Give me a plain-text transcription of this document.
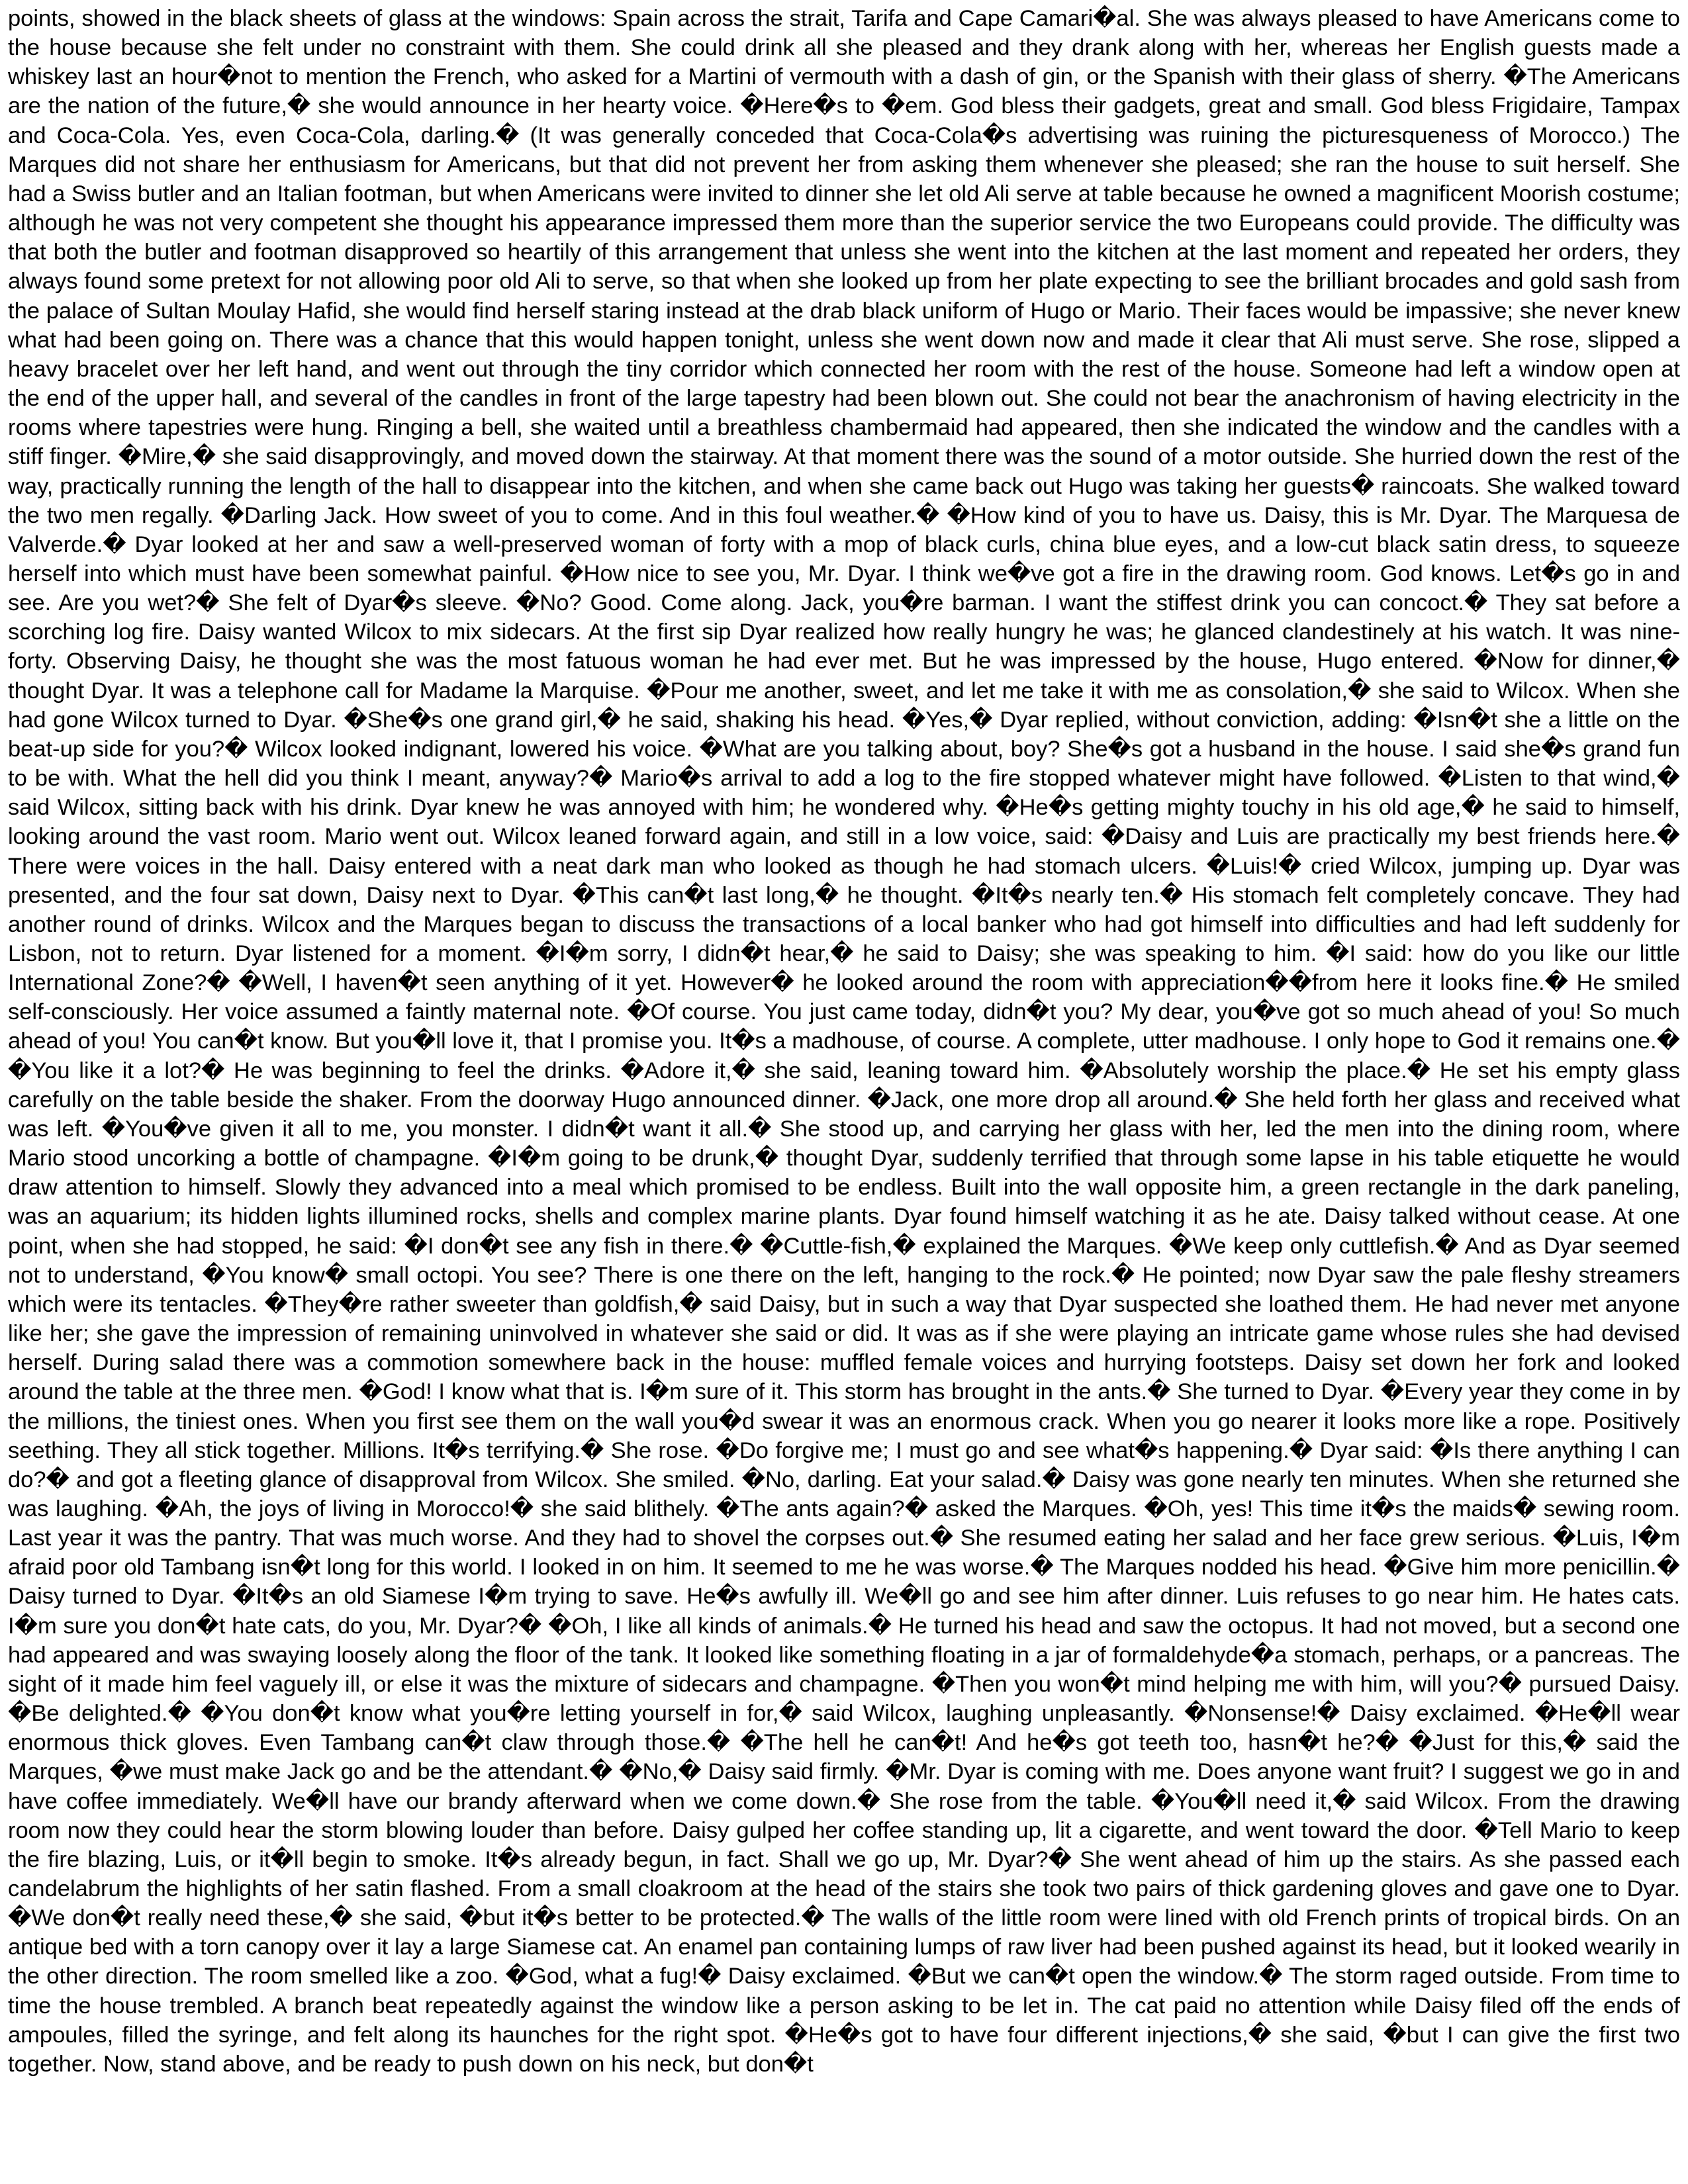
points, showed in the black sheets of glass at the windows: Spain across the strait, Tarifa and Cape Camari�al. She was always pleased to have Americans come to the house because she felt under no constraint with them. She could drink all she pleased and they drank along with her, whereas her English guests made a whiskey last an hour�not to mention the French, who asked for a Martini of vermouth with a dash of gin, or the Spanish with their glass of sherry. �The Americans are the nation of the future,� she would announce in her hearty voice. �Here�s to �em. God bless their gadgets, great and small. God bless Frigidaire, Tampax and Coca-Cola. Yes, even Coca-Cola, darling.� (It was generally conceded that Coca-Cola�s advertising was ruining the picturesqueness of Morocco.) The Marques did not share her enthusiasm for Americans, but that did not prevent her from asking them whenever she pleased; she ran the house to suit herself. She had a Swiss butler and an Italian footman, but when Americans were invited to dinner she let old Ali serve at table because he owned a magnificent Moorish costume; although he was not very competent she thought his appearance impressed them more than the superior service the two Europeans could provide. The difficulty was that both the butler and footman disapproved so heartily of this arrangement that unless she went into the kitchen at the last moment and repeated her orders, they always found some pretext for not allowing poor old Ali to serve, so that when she looked up from her plate expecting to see the brilliant brocades and gold sash from the palace of Sultan Moulay Hafid, she would find herself staring instead at the drab black uniform of Hugo or Mario. Their faces would be impassive; she never knew what had been going on. There was a chance that this would happen tonight, unless she went down now and made it clear that Ali must serve. She rose, slipped a heavy bracelet over her left hand, and went out through the tiny corridor which connected her room with the rest of the house. Someone had left a window open at the end of the upper hall, and several of the candles in front of the large tapestry had been blown out. She could not bear the anachronism of having electricity in the rooms where tapestries were hung. Ringing a bell, she waited until a breathless chambermaid had appeared, then she indicated the window and the candles with a stiff finger. �Mire,� she said disapprovingly, and moved down the stairway. At that moment there was the sound of a motor outside. She hurried down the rest of the way, practically running the length of the hall to disappear into the kitchen, and when she came back out Hugo was taking her guests� raincoats. She walked toward the two men regally. �Darling Jack. How sweet of you to come. And in this foul weather.� �How kind of you to have us. Daisy, this is Mr. Dyar. The Marquesa de Valverde.� Dyar looked at her and saw a well-preserved woman of forty with a mop of black curls, china blue eyes, and a low-cut black satin dress, to squeeze herself into which must have been somewhat painful. �How nice to see you, Mr. Dyar. I think we�ve got a fire in the drawing room. God knows. Let�s go in and see. Are you wet?� She felt of Dyar�s sleeve. �No? Good. Come along. Jack, you�re barman. I want the stiffest drink you can concoct.� They sat before a scorching log fire. Daisy wanted Wilcox to mix sidecars. At the first sip Dyar realized how really hungry he was; he glanced clandestinely at his watch. It was nine-forty. Observing Daisy, he thought she was the most fatuous woman he had ever met. But he was impressed by the house, Hugo entered. �Now for dinner,� thought Dyar. It was a telephone call for Madame la Marquise. �Pour me another, sweet, and let me take it with me as consolation,� she said to Wilcox. When she had gone Wilcox turned to Dyar. �She�s one grand girl,� he said, shaking his head. �Yes,� Dyar replied, without conviction, adding: �Isn�t she a little on the beat-up side for you?� Wilcox looked indignant, lowered his voice. �What are you talking about, boy? She�s got a husband in the house. I said she�s grand fun to be with. What the hell did you think I meant, anyway?� Mario�s arrival to add a log to the fire stopped whatever might have followed. �Listen to that wind,� said Wilcox, sitting back with his drink. Dyar knew he was annoyed with him; he wondered why. �He�s getting mighty touchy in his old age,� he said to himself, looking around the vast room. Mario went out. Wilcox leaned forward again, and still in a low voice, said: �Daisy and Luis are practically my best friends here.� There were voices in the hall. Daisy entered with a neat dark man who looked as though he had stomach ulcers. �Luis!� cried Wilcox, jumping up. Dyar was presented, and the four sat down, Daisy next to Dyar. �This can�t last long,� he thought. �It�s nearly ten.� His stomach felt completely concave. They had another round of drinks. Wilcox and the Marques began to discuss the transactions of a local banker who had got himself into difficulties and had left suddenly for Lisbon, not to return. Dyar listened for a moment. �I�m sorry, I didn�t hear,� he said to Daisy; she was speaking to him. �I said: how do you like our little International Zone?� �Well, I haven�t seen anything of it yet. However� he looked around the room with appreciation��from here it looks fine.� He smiled self-consciously. Her voice assumed a faintly maternal note. �Of course. You just came today, didn�t you? My dear, you�ve got so much ahead of you! So much ahead of you! You can�t know. But you�ll love it, that I promise you. It�s a madhouse, of course. A complete, utter madhouse. I only hope to God it remains one.� �You like it a lot?� He was beginning to feel the drinks. �Adore it,� she said, leaning toward him. �Absolutely worship the place.� He set his empty glass carefully on the table beside the shaker. From the doorway Hugo announced dinner. �Jack, one more drop all around.� She held forth her glass and received what was left. �You�ve given it all to me, you monster. I didn�t want it all.� She stood up, and carrying her glass with her, led the men into the dining room, where Mario stood uncorking a bottle of champagne. �I�m going to be drunk,� thought Dyar, suddenly terrified that through some lapse in his table etiquette he would draw attention to himself. Slowly they advanced into a meal which promised to be endless. Built into the wall opposite him, a green rectangle in the dark paneling, was an aquarium; its hidden lights illumined rocks, shells and complex marine plants. Dyar found himself watching it as he ate. Daisy talked without cease. At one point, when she had stopped, he said: �I don�t see any fish in there.� �Cuttle-fish,� explained the Marques. �We keep only cuttlefish.� And as Dyar seemed not to understand, �You know� small octopi. You see? There is one there on the left, hanging to the rock.� He pointed; now Dyar saw the pale fleshy streamers which were its tentacles. �They�re rather sweeter than goldfish,� said Daisy, but in such a way that Dyar suspected she loathed them. He had never met anyone like her; she gave the impression of remaining uninvolved in whatever she said or did. It was as if she were playing an intricate game whose rules she had devised herself. During salad there was a commotion somewhere back in the house: muffled female voices and hurrying footsteps. Daisy set down her fork and looked around the table at the three men. �God! I know what that is. I�m sure of it. This storm has brought in the ants.� She turned to Dyar. �Every year they come in by the millions, the tiniest ones. When you first see them on the wall you�d swear it was an enormous crack. When you go nearer it looks more like a rope. Positively seething. They all stick together. Millions. It�s terrifying.� She rose. �Do forgive me; I must go and see what�s happening.� Dyar said: �Is there anything I can do?� and got a fleeting glance of disapproval from Wilcox. She smiled. �No, darling. Eat your salad.� Daisy was gone nearly ten minutes. When she returned she was laughing. �Ah, the joys of living in Morocco!� she said blithely. �The ants again?� asked the Marques. �Oh, yes! This time it�s the maids� sewing room. Last year it was the pantry. That was much worse. And they had to shovel the corpses out.� She resumed eating her salad and her face grew serious. �Luis, I�m afraid poor old Tambang isn�t long for this world. I looked in on him. It seemed to me he was worse.� The Marques nodded his head. �Give him more penicillin.� Daisy turned to Dyar. �It�s an old Siamese I�m trying to save. He�s awfully ill. We�ll go and see him after dinner. Luis refuses to go near him. He hates cats. I�m sure you don�t hate cats, do you, Mr. Dyar?� �Oh, I like all kinds of animals.� He turned his head and saw the octopus. It had not moved, but a second one had appeared and was swaying loosely along the floor of the tank. It looked like something floating in a jar of formaldehyde�a stomach, perhaps, or a pancreas. The sight of it made him feel vaguely ill, or else it was the mixture of sidecars and champagne. �Then you won�t mind helping me with him, will you?� pursued Daisy. �Be delighted.� �You don�t know what you�re letting yourself in for,� said Wilcox, laughing unpleasantly. �Nonsense!� Daisy exclaimed. �He�ll wear enormous thick gloves. Even Tambang can�t claw through those.� �The hell he can�t! And he�s got teeth too, hasn�t he?� �Just for this,� said the Marques, �we must make Jack go and be the attendant.� �No,� Daisy said firmly. �Mr. Dyar is coming with me. Does anyone want fruit? I suggest we go in and have coffee immediately. We�ll have our brandy afterward when we come down.� She rose from the table. �You�ll need it,� said Wilcox. From the drawing room now they could hear the storm blowing louder than before. Daisy gulped her coffee standing up, lit a cigarette, and went toward the door. �Tell Mario to keep the fire blazing, Luis, or it�ll begin to smoke. It�s already begun, in fact. Shall we go up, Mr. Dyar?� She went ahead of him up the stairs. As she passed each candelabrum the highlights of her satin flashed. From a small cloakroom at the head of the stairs she took two pairs of thick gardening gloves and gave one to Dyar. �We don�t really need these,� she said, �but it�s better to be protected.� The walls of the little room were lined with old French prints of tropical birds. On an antique bed with a torn canopy over it lay a large Siamese cat. An enamel pan containing lumps of raw liver had been pushed against its head, but it looked wearily in the other direction. The room smelled like a zoo. �God, what a fug!� Daisy exclaimed. �But we can�t open the window.� The storm raged outside. From time to time the house trembled. A branch beat repeatedly against the window like a person asking to be let in. The cat paid no attention while Daisy filed off the ends of ampoules, filled the syringe, and felt along its haunches for the right spot. �He�s got to have four different injections,� she said, �but I can give the first two together. Now, stand above, and be ready to push down on his neck, but don�t
